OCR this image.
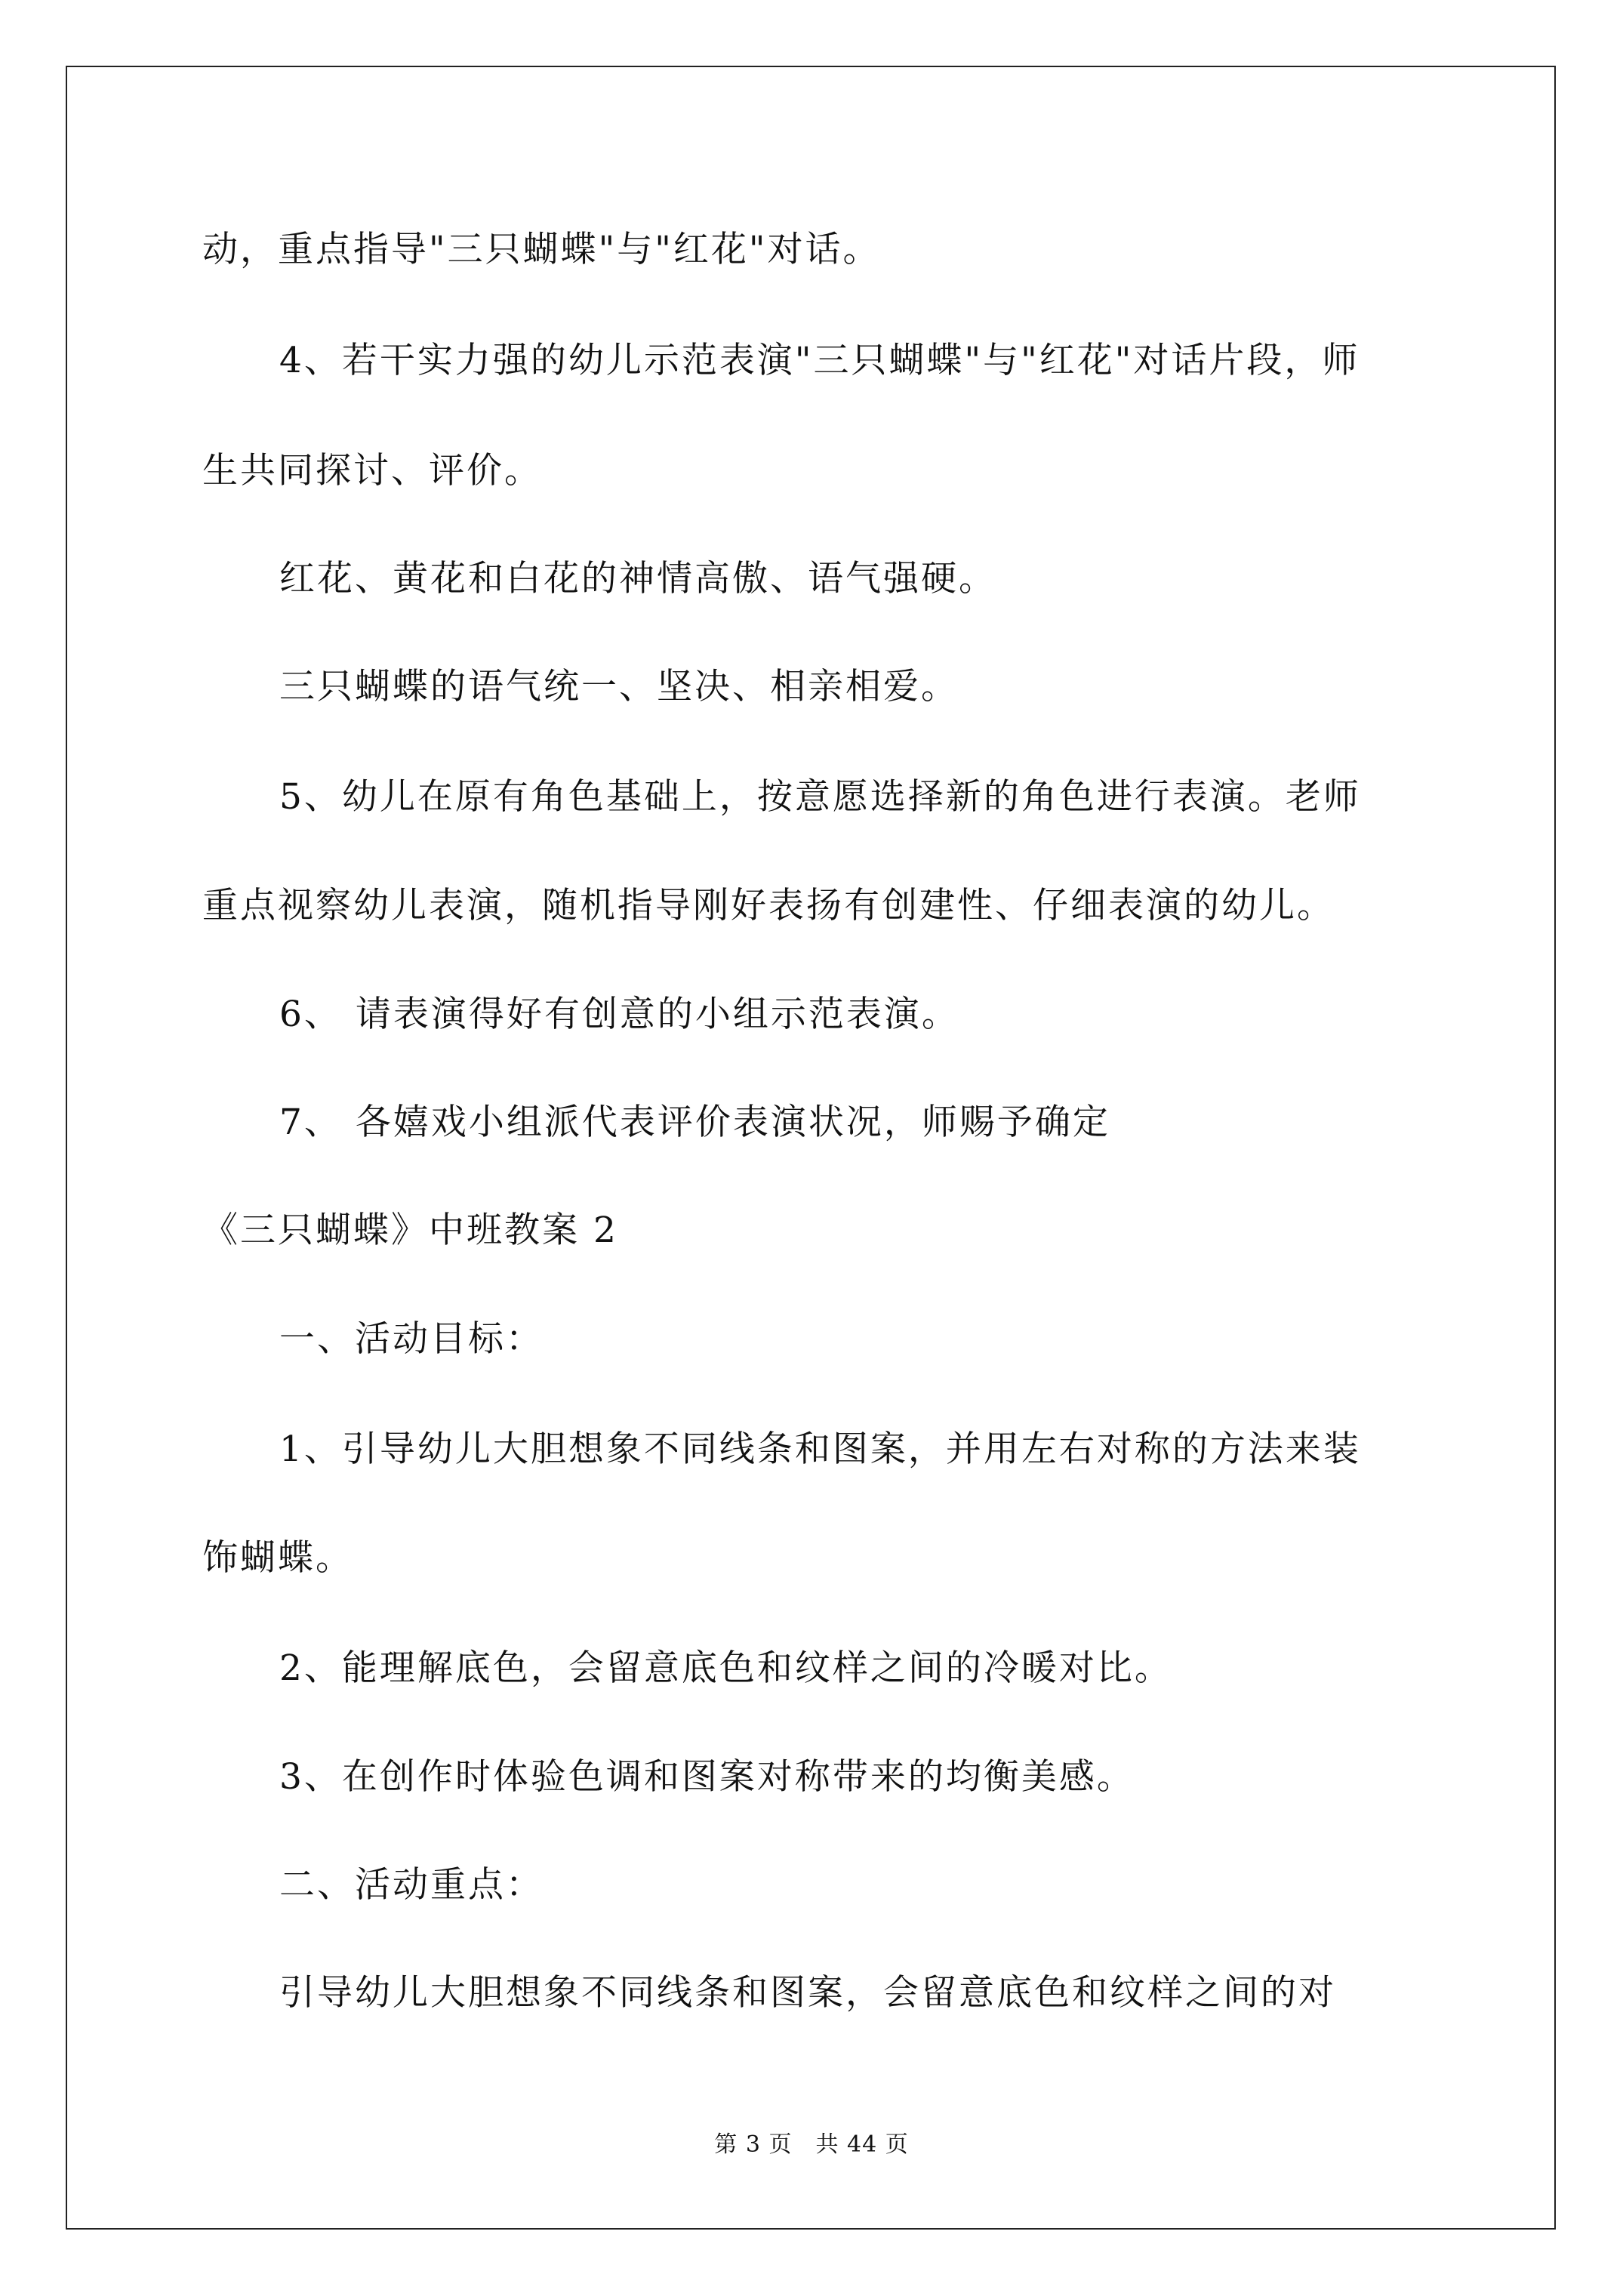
动，重点指导"三只蝴蝶"与"红花"对话。
4、若干实力强的幼儿示范表演"三只蝴蝶"与"红花"对话片段，师
生共同探讨、评价。
红花、黄花和白花的神情高傲、语气强硬。
三只蝴蝶的语气统一、坚决、相亲相爱。
5、幼儿在原有角色基础上，按意愿选择新的角色进行表演。老师
重点视察幼儿表演，随机指导刚好表扬有创建性、仔细表演的幼儿。
6、 请表演得好有创意的小组示范表演。
7、 各嬉戏小组派代表评价表演状况，师赐予确定
《三只蝴蝶》中班教案 2
一、活动目标：
1、引导幼儿大胆想象不同线条和图案，并用左右对称的方法来装
饰蝴蝶。
2、能理解底色，会留意底色和纹样之间的冷暖对比。
3、在创作时体验色调和图案对称带来的均衡美感。
二、活动重点：
引导幼儿大胆想象不同线条和图案，会留意底色和纹样之间的对
第 3 页　共 44 页
